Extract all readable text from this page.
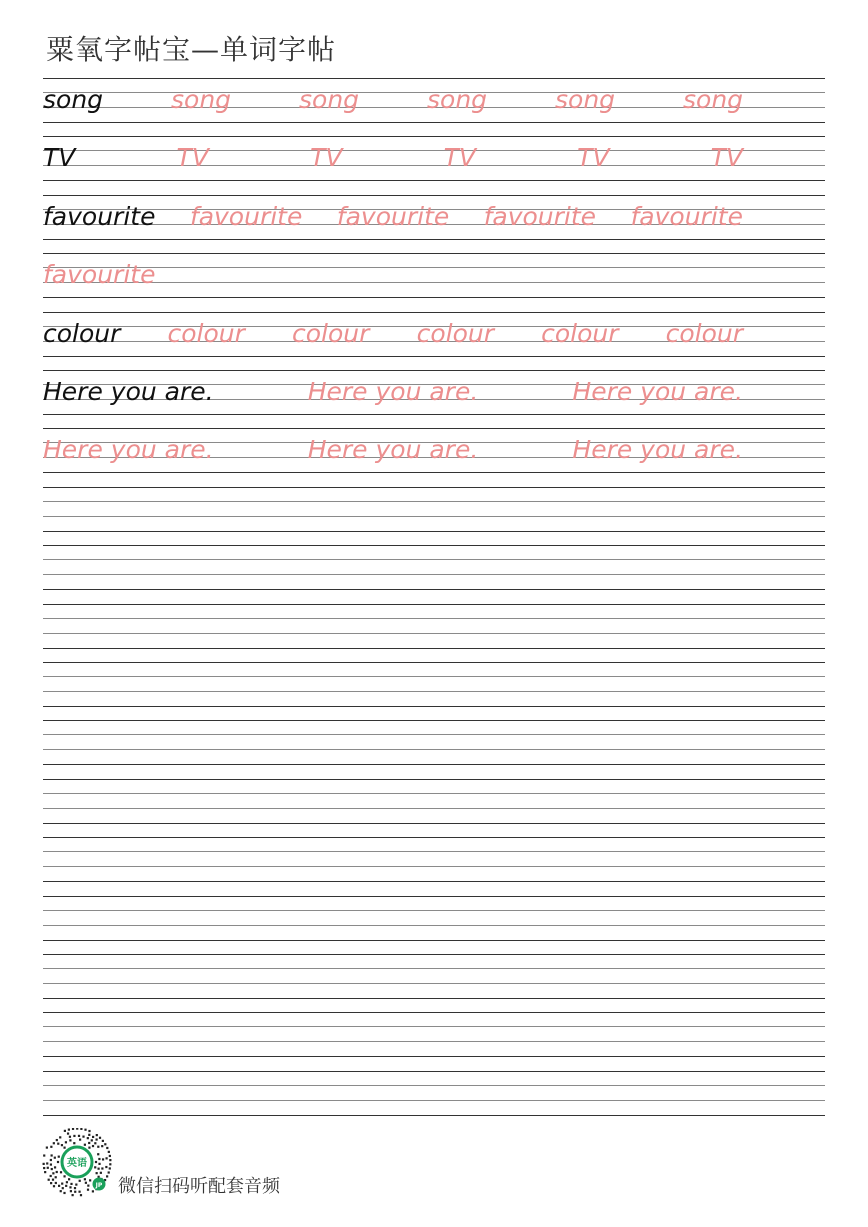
粟氧字帖宝—单词字帖
song	song	song	song	song	song
TV	TV	TV	TV	TV	TV
favourite favourite favourite favourite favourite
favourite
colour colour colour colour colour colour
Here you are.	Here you are.	Here you are.
Here you are.	Here you are.	Here you are.
英语
JP 微信扫码听配套音频
